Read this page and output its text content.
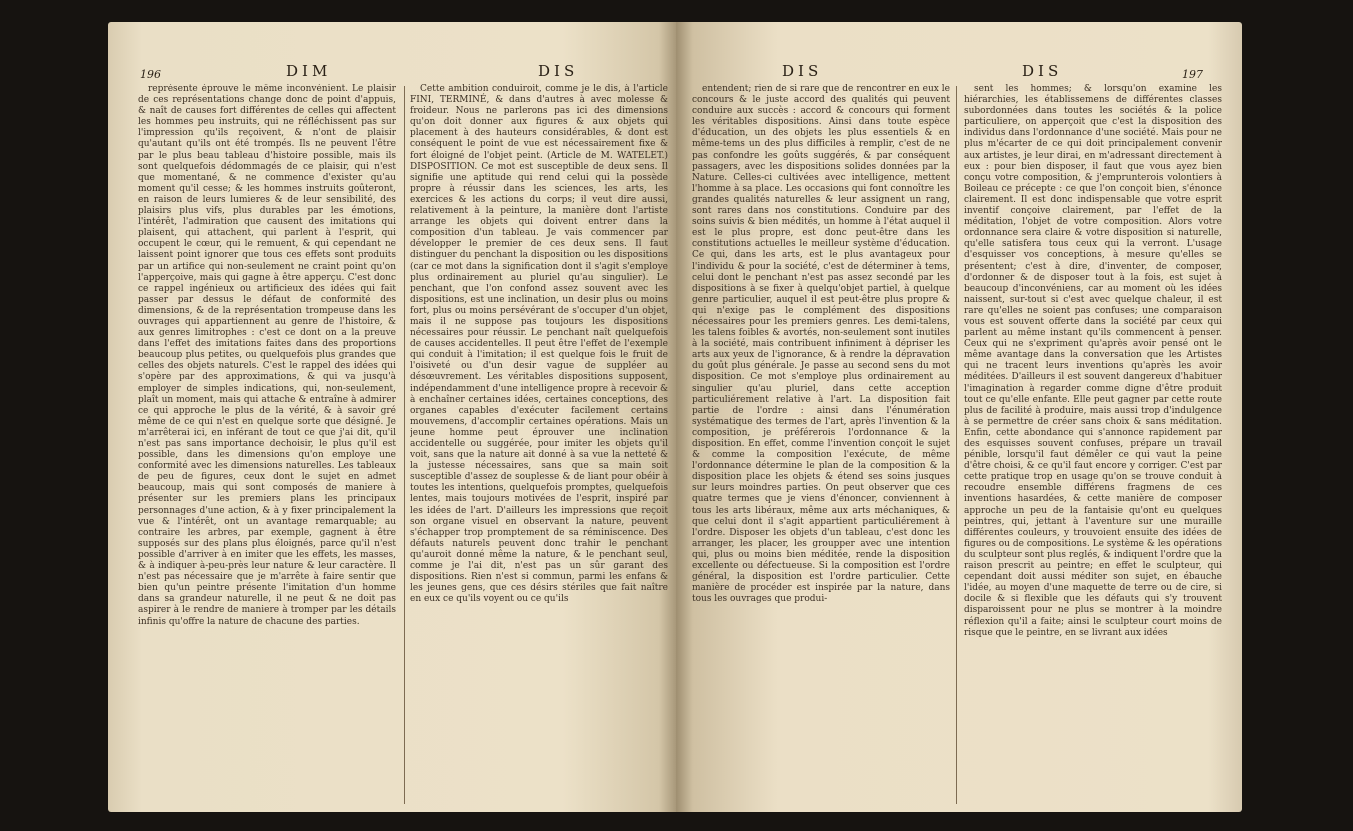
196	DIM	DIS

représente éprouve le même inconvénient. Le plaisir de ces représentations change donc de point d'appuis, & naît de causes fort différentes de celles qui affectent les hommes peu instruits, qui ne réfléchissent pas sur l'impression qu'ils reçoivent, & n'ont de plaisir qu'autant qu'ils ont été trompés. Ils ne peuvent l'être par le plus beau tableau d'histoire possible, mais ils sont quelquefois dédommagés de ce plaisir, qui n'est que momentané, & ne commence d'exister qu'au moment qu'il cesse; & les hommes instruits goûteront, en raison de leurs lumieres & de leur sensibilité, des plaisirs plus vifs, plus durables par les émotions, l'intérêt, l'admiration que causent des imitations qui plaisent, qui attachent, qui parlent à l'esprit, qui occupent le cœur, qui le remuent, & qui cependant ne laissent point ignorer que tous ces effets sont produits par un artifice qui non-seulement ne craint point qu'on l'apperçoive, mais qui gagne à être apperçu. C'est donc ce rappel ingénieux ou artificieux des idées qui fait passer par dessus le défaut de conformité des dimensions, & de la représentation trompeuse dans les ouvrages qui appartiennent au genre de l'histoire, & aux genres limitrophes : c'est ce dont on a la preuve dans l'effet des imitations faites dans des proportions beaucoup plus petites, ou quelquefois plus grandes que celles des objets naturels. C'est le rappel des idées qui s'opère par des approximations, & qui va jusqu'à employer de simples indications, qui, non-seulement, plaît un moment, mais qui attache & entraîne à admirer ce qui approche le plus de la vérité, & à savoir gré même de ce qui n'est en quelque sorte que désigné. Je m'arrêterai ici, en inférant de tout ce que j'ai dit, qu'il n'est pas sans importance dechoisir, le plus qu'il est possible, dans les dimensions qu'on employe une conformité avec les dimensions naturelles. Les tableaux de peu de figures, ceux dont le sujet en admet beaucoup, mais qui sont composés de maniere à présenter sur les premiers plans les principaux personnages d'une action, & à y fixer principalement la vue & l'intérêt, ont un avantage remarquable; au contraire les arbres, par exemple, gagnent à être supposés sur des plans plus éloignés, parce qu'il n'est possible d'arriver à en imiter que les effets, les masses, & à indiquer à-peu-près leur nature & leur caractère. Il n'est pas nécessaire que je m'arrête à faire sentir que bien qu'un peintre présente l'imitation d'un homme dans sa grandeur naturelle, il ne peut & ne doit pas aspirer à le rendre de maniere à tromper par les détails infinis qu'offre la nature de chacune des parties.

Cette ambition conduiroit, comme je le dis, à l'article FINI, TERMINÉ, & dans d'autres à avec molesse & froideur. Nous ne parlerons pas ici des dimensions qu'on doit donner aux figures & aux objets qui placement à des hauteurs considérables, & dont est conséquent le point de vue est nécessairement fixe & fort éloigné de l'objet peint. (Article de M. WATELET.) DISPOSITION. Ce mot est susceptible de deux sens. Il signifie une aptitude qui rend celui qui la possède propre à réussir dans les sciences, les arts, les exercices & les actions du corps; il veut dire aussi, relativement à la peinture, la manière dont l'artiste arrange les objets qui doivent entrer dans la composition d'un tableau. Je vais commencer par développer le premier de ces deux sens. Il faut distinguer du penchant la disposition ou les dispositions (car ce mot dans la signification dont il s'agit s'employe plus ordinairement au pluriel qu'au singulier). Le penchant, que l'on confond assez souvent avec les dispositions, est une inclination, un desir plus ou moins fort, plus ou moins persévérant de s'occuper d'un objet, mais il ne suppose pas toujours les dispositions nécessaires pour réussir. Le penchant naît quelquefois de causes accidentelles. Il peut être l'effet de l'exemple qui conduit à l'imitation; il est quelque fois le fruit de l'oisiveté ou d'un desir vague de suppléer au désœuvrement. Les véritables dispositions supposent, indépendamment d'une intelligence propre à recevoir & à enchaîner certaines idées, certaines conceptions, des organes capables d'exécuter facilement certains mouvemens, d'accomplir certaines opérations. Mais un jeune homme peut éprouver une inclination accidentelle ou suggérée, pour imiter les objets qu'il voit, sans que la nature ait donné à sa vue la netteté & la justesse nécessaires, sans que sa main soit susceptible d'assez de souplesse & de liant pour obéir à toutes les intentions, quelquefois promptes, quelquefois lentes, mais toujours motivées de l'esprit, inspiré par les idées de l'art. D'ailleurs les impressions que reçoit son organe visuel en observant la nature, peuvent s'échapper trop promptement de sa réminiscence. Des défauts naturels peuvent donc trahir le penchant qu'auroit donné même la nature, & le penchant seul, comme je l'ai dit, n'est pas un sûr garant des dispositions. Rien n'est si commun, parmi les enfans & les jeunes gens, que ces désirs stériles que fait naître en eux ce qu'ils voyent ou ce qu'ils

DIS	DIS	197

entendent; rien de si rare que de rencontrer en eux le concours & le juste accord des qualités qui peuvent conduire aux succès : accord & concours qui forment les véritables dispositions. Ainsi dans toute espèce d'éducation, un des objets les plus essentiels & en même-tems un des plus difficiles à remplir, c'est de ne pas confondre les goûts suggérés, & par conséquent passagers, avec les dispositions solides données par la Nature. Celles-ci cultivées avec intelligence, mettent l'homme à sa place. Les occasions qui font connoître les grandes qualités naturelles & leur assignent un rang, sont rares dans nos constitutions. Conduire par des soins suivis & bien médités, un homme à l'état auquel il est le plus propre, est donc peut-être dans les constitutions actuelles le meilleur système d'éducation. Ce qui, dans les arts, est le plus avantageux pour l'individu & pour la société, c'est de déterminer à tems, celui dont le penchant n'est pas assez secondé par les dispositions à se fixer à quelqu'objet partiel, à quelque genre particulier, auquel il est peut-être plus propre & qui n'exige pas le complément des dispositions nécessaires pour les premiers genres. Les demi-talens, les talens foibles & avortés, non-seulement sont inutiles à la société, mais contribuent infiniment à dépriser les arts aux yeux de l'ignorance, & à rendre la dépravation du goût plus générale. Je passe au second sens du mot disposition. Ce mot s'employe plus ordinairement au singulier qu'au pluriel, dans cette acception particuliérement relative à l'art. La disposition fait partie de l'ordre : ainsi dans l'énumération systématique des termes de l'art, après l'invention & la composition, je préférerois l'ordonnance & la disposition. En effet, comme l'invention conçoit le sujet & comme la composition l'exécute, de même l'ordonnance détermine le plan de la composition & la disposition place les objets & étend ses soins jusques sur leurs moindres parties. On peut observer que ces quatre termes que je viens d'énoncer, conviennent à tous les arts libéraux, même aux arts méchaniques, & que celui dont il s'agit appartient particuliérement à l'ordre. Disposer les objets d'un tableau, c'est donc les arranger, les placer, les groupper avec une intention qui, plus ou moins bien méditée, rende la disposition excellente ou défectueuse. Si la composition est l'ordre général, la disposition est l'ordre particulier. Cette manière de procéder est inspirée par la nature, dans tous les ouvrages que produi-

sent les hommes; & lorsqu'on examine les hiérarchies, les établissemens de différentes classes subordonnées dans toutes les sociétés & la police particuliere, on apperçoit que c'est la disposition des individus dans l'ordonnance d'une société. Mais pour ne plus m'écarter de ce qui doit principalement convenir aux artistes, je leur dirai, en m'adressant directement à eux : pour bien disposer, il faut que vous ayez bien conçu votre composition, & j'emprunterois volontiers à Boileau ce précepte : ce que l'on conçoit bien, s'énonce clairement. Il est donc indispensable que votre esprit inventif conçoive clairement, par l'effet de la méditation, l'objet de votre composition. Alors votre ordonnance sera claire & votre disposition si naturelle, qu'elle satisfera tous ceux qui la verront. L'usage d'esquisser vos conceptions, à mesure qu'elles se présentent; c'est à dire, d'inventer, de composer, d'ordonner & de disposer tout à la fois, est sujet à beaucoup d'inconvéniens, car au moment où les idées naissent, sur-tout si c'est avec quelque chaleur, il est rare qu'elles ne soient pas confuses; une comparaison vous est souvent offerte dans la société par ceux qui parlent au même instant qu'ils commencent à penser. Ceux qui ne s'expriment qu'après avoir pensé ont le même avantage dans la conversation que les Artistes qui ne tracent leurs inventions qu'après les avoir méditées. D'ailleurs il est souvent dangereux d'habituer l'imagination à regarder comme digne d'être produit tout ce qu'elle enfante. Elle peut gagner par cette route plus de facilité à produire, mais aussi trop d'indulgence à se permettre de créer sans choix & sans méditation. Enfin, cette abondance qui s'annonce rapidement par des esquisses souvent confuses, prépare un travail pénible, lorsqu'il faut démêler ce qui vaut la peine d'être choisi, & ce qu'il faut encore y corriger. C'est par cette pratique trop en usage qu'on se trouve conduit à recoudre ensemble différens fragmens de ces inventions hasardées, & cette manière de composer approche un peu de la fantaisie qu'ont eu quelques peintres, qui, jettant à l'aventure sur une muraille différentes couleurs, y trouvoient ensuite des idées de figures ou de compositions. Le système & les opérations du sculpteur sont plus reglés, & indiquent l'ordre que la raison prescrit au peintre; en effet le sculpteur, qui cependant doit aussi méditer son sujet, en ébauche l'idée, au moyen d'une maquette de terre ou de cire, si docile & si flexible que les défauts qui s'y trouvent disparoissent pour ne plus se montrer à la moindre réflexion qu'il a faite; ainsi le sculpteur court moins de risque que le peintre, en se livrant aux idées
